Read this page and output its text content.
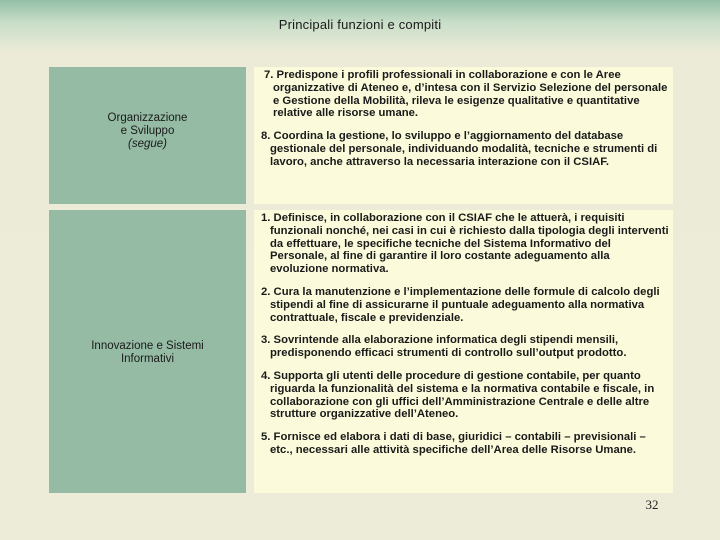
Principali funzioni e compiti
Organizzazione
e Sviluppo
(segue)

7. Predispone i profili professionali in collaborazione e con le Aree organizzative di Ateneo e, d’intesa con il Servizio Selezione del personale e Gestione della Mobilità, rileva le esigenze qualitative e quantitative relative alle risorse umane.

8. Coordina la gestione, lo sviluppo e l’aggiornamento del database gestionale del personale, individuando modalità, tecniche e strumenti di lavoro, anche attraverso la necessaria interazione con il CSIAF.

Innovazione e Sistemi
Informativi

1. Definisce, in collaborazione con il CSIAF che le attuerà, i requisiti funzionali nonché, nei casi in cui è richiesto dalla tipologia degli interventi da effettuare, le specifiche tecniche del Sistema Informativo del Personale, al fine di garantire il loro costante adeguamento alla evoluzione normativa.

2. Cura la manutenzione e l’implementazione delle formule di calcolo degli stipendi al fine di assicurarne il puntuale adeguamento alla normativa contrattuale, fiscale e previdenziale.

3. Sovrintende alla elaborazione informatica degli stipendi mensili, predisponendo efficaci strumenti di controllo sull’output prodotto.

4. Supporta gli utenti delle procedure di gestione contabile, per quanto riguarda la funzionalità del sistema e la normativa contabile e fiscale, in collaborazione con gli uffici dell’Amministrazione Centrale e delle altre strutture organizzative dell’Ateneo.

5. Fornisce ed elabora i dati di base, giuridici – contabili – previsionali – etc., necessari alle attività specifiche dell’Area delle Risorse Umane.

32
